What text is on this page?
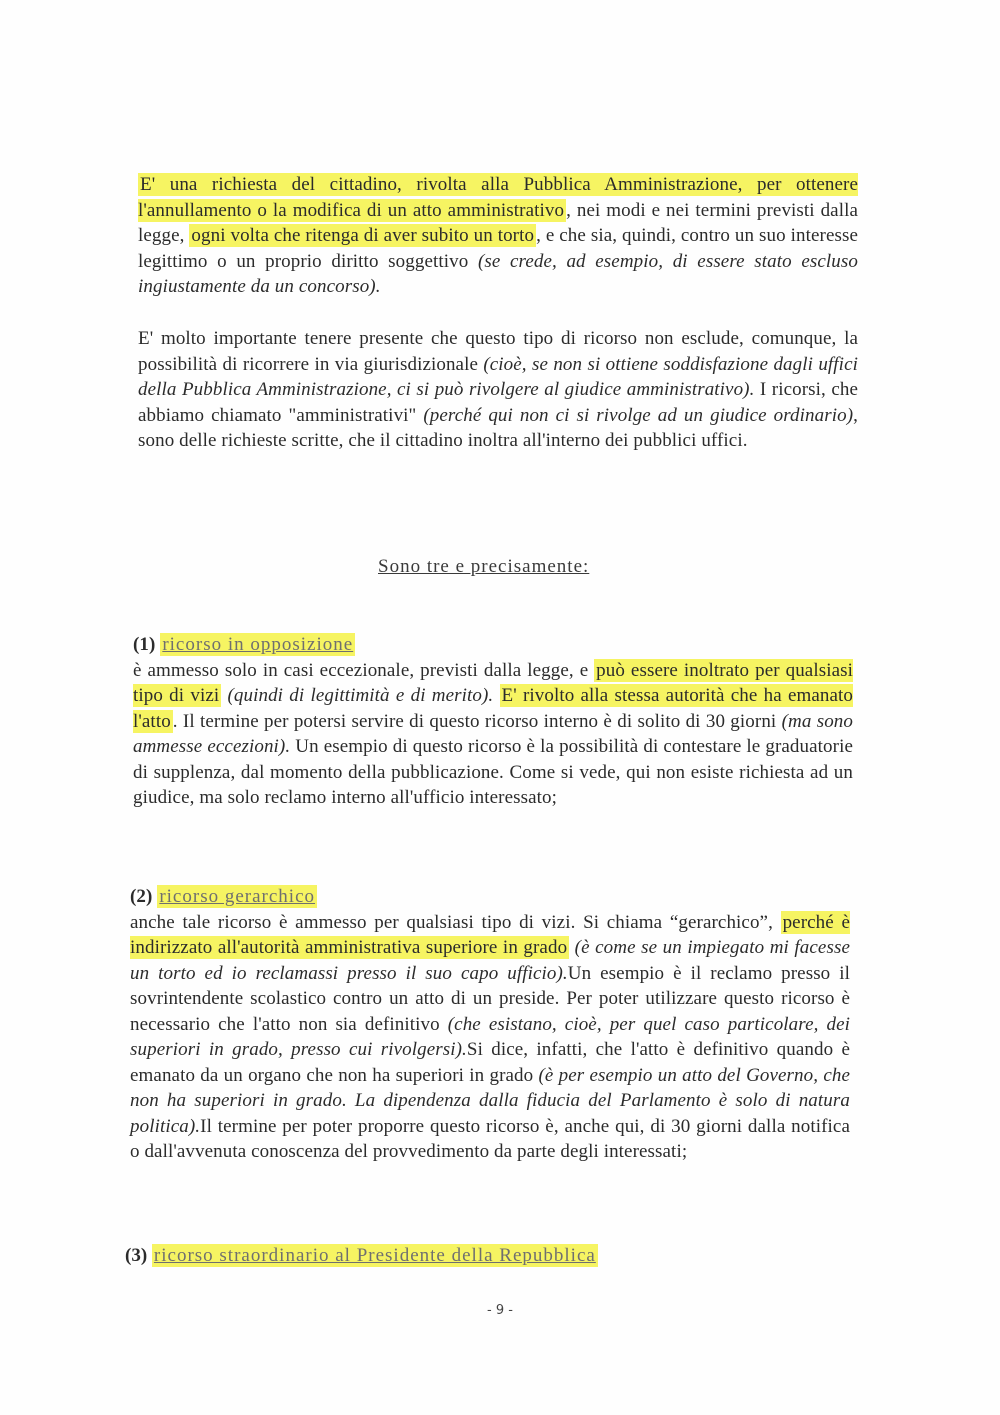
E' una richiesta del cittadino, rivolta alla Pubblica Amministrazione, per ottenere l'annullamento o la modifica di un atto amministrativo , nei modi e nei termini previsti dalla legge, ogni volta che ritenga di aver subito un torto , e che sia, quindi, contro un suo interesse legittimo o un proprio diritto soggettivo (se crede, ad esempio, di essere stato escluso ingiustamente da un concorso).
E' molto importante tenere presente che questo tipo di ricorso non esclude, comunque, la possibilità di ricorrere in via giurisdizionale (cioè, se non si ottiene soddisfazione dagli uffici della Pubblica Amministrazione, ci si può rivolgere al giudice amministrativo). I ricorsi, che abbiamo chiamato "amministrativi" (perché qui non ci si rivolge ad un giudice ordinario), sono delle richieste scritte, che il cittadino inoltra all'interno dei pubblici uffici.
Sono tre e precisamente:
(1) ricorso in opposizione
è ammesso solo in casi eccezionale, previsti dalla legge, e può essere inoltrato per qualsiasi tipo di vizi (quindi di legittimità e di merito). E' rivolto alla stessa autorità che ha emanato l'atto . Il termine per potersi servire di questo ricorso interno è di solito di 30 giorni (ma sono ammesse eccezioni). Un esempio di questo ricorso è la possibilità di contestare le graduatorie di supplenza, dal momento della pubblicazione. Come si vede, qui non esiste richiesta ad un giudice, ma solo reclamo interno all'ufficio interessato;
(2) ricorso gerarchico
anche tale ricorso è ammesso per qualsiasi tipo di vizi. Si chiama “gerarchico”, perché è indirizzato all'autorità amministrativa superiore in grado (è come se un impiegato mi facesse un torto ed io reclamassi presso il suo capo ufficio).Un esempio è il reclamo presso il sovrintendente scolastico contro un atto di un preside. Per poter utilizzare questo ricorso è necessario che l'atto non sia definitivo (che esistano, cioè, per quel caso particolare, dei superiori in grado, presso cui rivolgersi).Si dice, infatti, che l'atto è definitivo quando è emanato da un organo che non ha superiori in grado (è per esempio un atto del Governo, che non ha superiori in grado. La dipendenza dalla fiducia del Parlamento è solo di natura politica).Il termine per poter proporre questo ricorso è, anche qui, di 30 giorni dalla notifica o dall'avvenuta conoscenza del provvedimento da parte degli interessati;
(3) ricorso straordinario al Presidente della Repubblica
- 9 -
